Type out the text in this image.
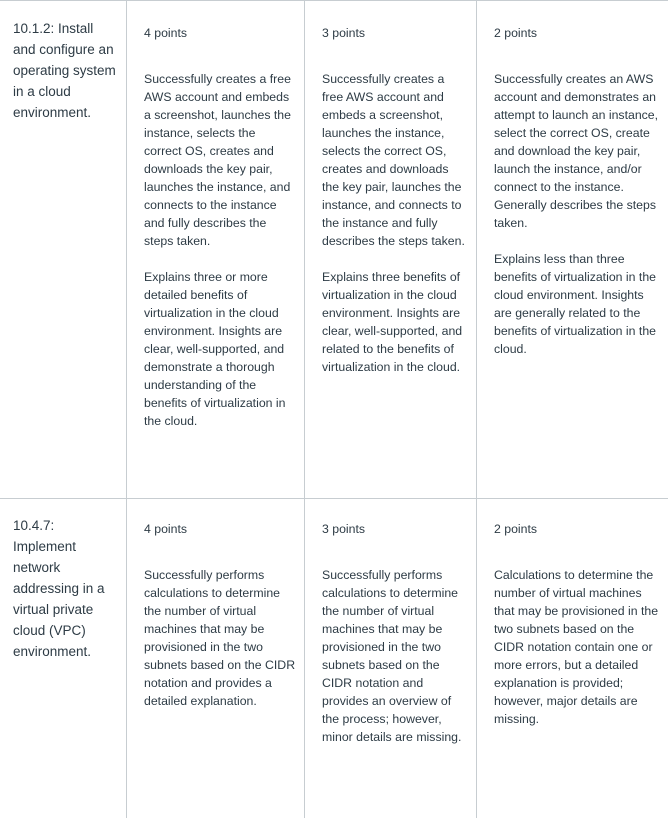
10.1.2: Install and configure an operating system in a cloud environment.
4 points

Successfully creates a free AWS account and embeds a screenshot, launches the instance, selects the correct OS, creates and downloads the key pair, launches the instance, and connects to the instance and fully describes the steps taken.

Explains three or more detailed benefits of virtualization in the cloud environment. Insights are clear, well-supported, and demonstrate a thorough understanding of the benefits of virtualization in the cloud.

3 points

Successfully creates a free AWS account and embeds a screenshot, launches the instance, selects the correct OS, creates and downloads the key pair, launches the instance, and connects to the instance and fully describes the steps taken.

Explains three benefits of virtualization in the cloud environment. Insights are clear, well-supported, and related to the benefits of virtualization in the cloud.

2 points

Successfully creates an AWS account and demonstrates an attempt to launch an instance, select the correct OS, create and download the key pair, launch the instance, and/or connect to the instance. Generally describes the steps taken.

Explains less than three benefits of virtualization in the cloud environment. Insights are generally related to the benefits of virtualization in the cloud.

10.4.7: Implement network addressing in a virtual private cloud (VPC) environment.
4 points

Successfully performs calculations to determine the number of virtual machines that may be provisioned in the two subnets based on the CIDR notation and provides a detailed explanation.

3 points

Successfully performs calculations to determine the number of virtual machines that may be provisioned in the two subnets based on the CIDR notation and provides an overview of the process; however, minor details are missing.

2 points

Calculations to determine the number of virtual machines that may be provisioned in the two subnets based on the CIDR notation contain one or more errors, but a detailed explanation is provided; however, major details are missing.
